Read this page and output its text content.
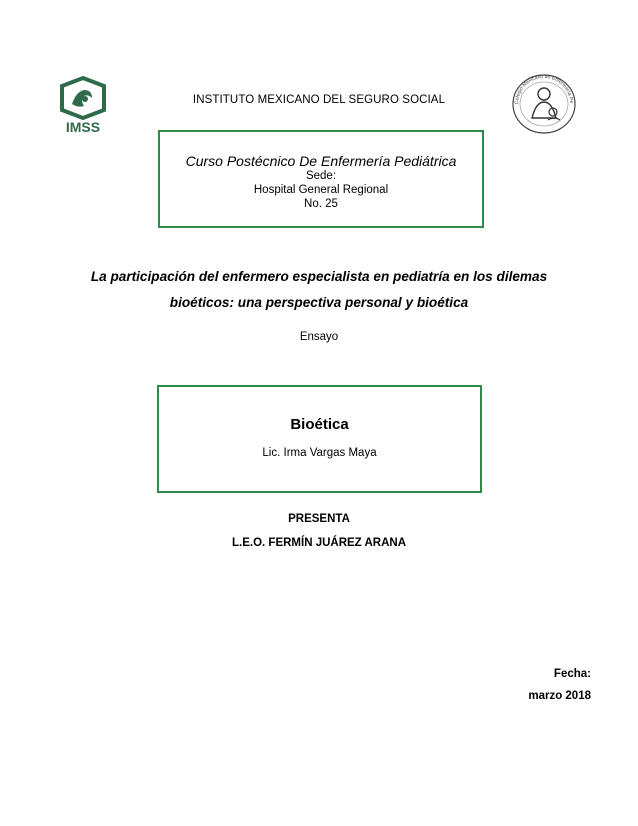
IMSS
INSTITUTO MEXICANO DEL SEGURO SOCIAL	Colegio Mexicano de Enfermería Pe
Curso Postécnico De Enfermería Pediátrica
Sede:
Hospital General Regional
No. 25
La participación del enfermero especialista en pediatría en los dilemas
bioéticos: una perspectiva personal y bioética
Ensayo
Bioética
Lic. Irma Vargas Maya
PRESENTA
L.E.O. FERMÍN JUÁREZ ARANA
Fecha:
marzo 2018
